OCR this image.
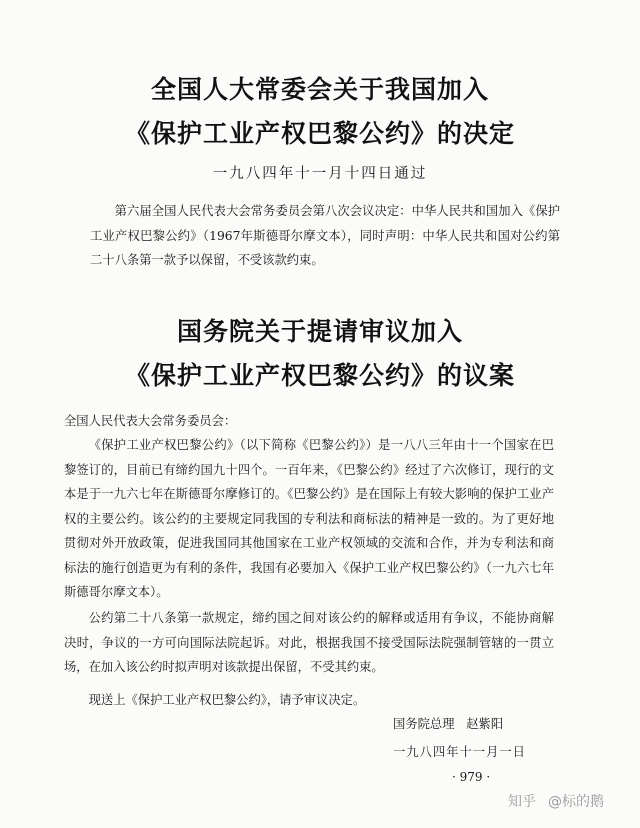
全国人大常委会关于我国加入
《保护工业产权巴黎公约》的决定
一九八四年十一月十四日通过

第六届全国人民代表大会常务委员会第八次会议决定：中华人民共和国加入《保护工业产权巴黎公约》（1967年斯德哥尔摩文本），同时声明：中华人民共和国对公约第二十八条第一款予以保留，不受该款约束。

国务院关于提请审议加入
《保护工业产权巴黎公约》的议案
全国人民代表大会常务委员会：

《保护工业产权巴黎公约》（以下简称《巴黎公约》）是一八八三年由十一个国家在巴黎签订的，目前已有缔约国九十四个。一百年来，《巴黎公约》经过了六次修订，现行的文本是于一九六七年在斯德哥尔摩修订的。《巴黎公约》是在国际上有较大影响的保护工业产权的主要公约。该公约的主要规定同我国的专利法和商标法的精神是一致的。为了更好地贯彻对外开放政策，促进我国同其他国家在工业产权领域的交流和合作，并为专利法和商标法的施行创造更为有利的条件，我国有必要加入《保护工业产权巴黎公约》（一九六七年斯德哥尔摩文本）。

公约第二十八条第一款规定，缔约国之间对该公约的解释或适用有争议，不能协商解决时，争议的一方可向国际法院起诉。对此，根据我国不接受国际法院强制管辖的一贯立场，在加入该公约时拟声明对该款提出保留，不受其约束。

现送上《保护工业产权巴黎公约》，请予审议决定。

国务院总理 赵紫阳
一九八四年十一月一日
· 979 ·
知乎 @标的鹅
